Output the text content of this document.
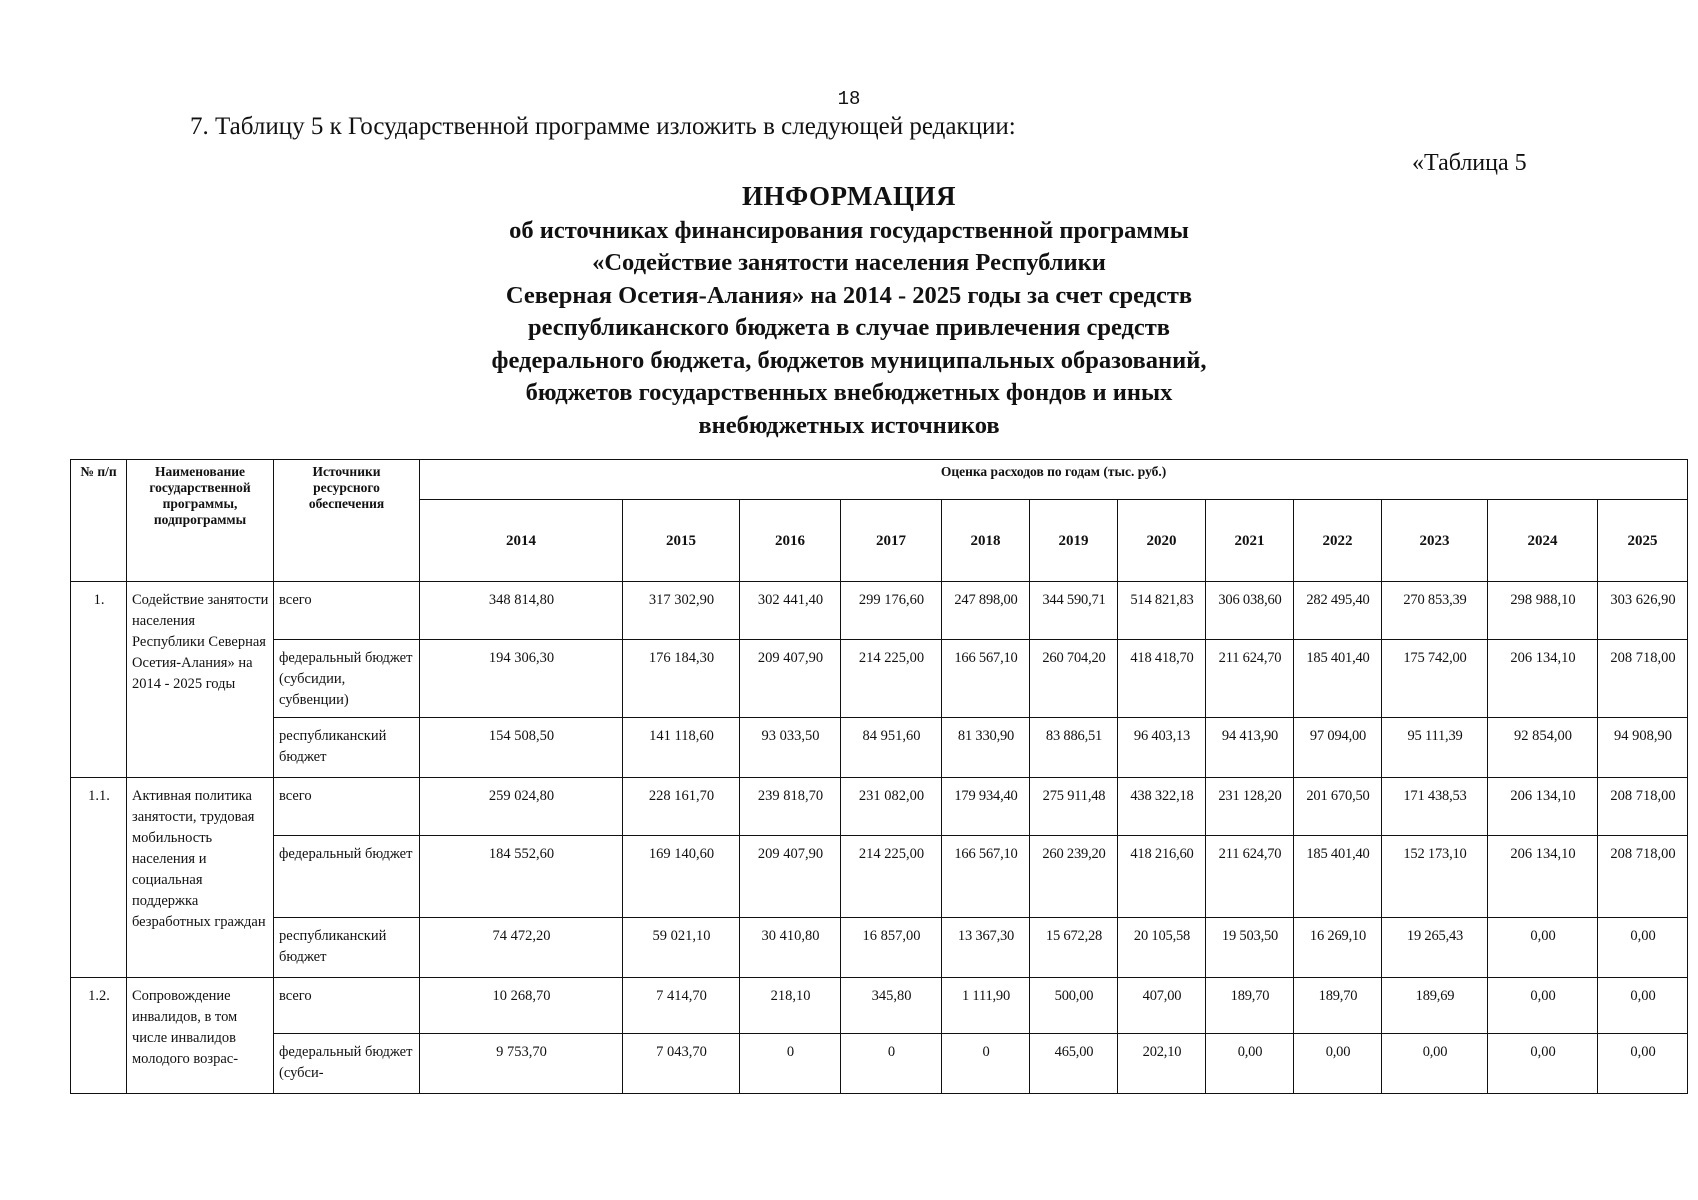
18
7. Таблицу 5 к Государственной программе изложить в следующей редакции:
«Таблица 5
ИНФОРМАЦИЯ
об источниках финансирования государственной программы
«Содействие занятости населения Республики
Северная Осетия-Алания» на 2014 - 2025 годы за счет средств
республиканского бюджета в случае привлечения средств
федерального бюджета, бюджетов муниципальных образований,
бюджетов государственных внебюджетных фондов и иных
внебюджетных источников
№ п/п	Наименование государственной программы, подпрограммы	Источники ресурсного обеспечения	Оценка расходов по годам (тыс. руб.)											
			2014	2015	2016	2017	2018	2019	2020	2021	2022	2023	2024	2025
1.	Содействие занятости населения Республики Северная Осетия-Алания» на 2014 - 2025 годы	всего	348 814,80	317 302,90	302 441,40	299 176,60	247 898,00	344 590,71	514 821,83	306 038,60	282 495,40	270 853,39	298 988,10	303 626,90
		федеральный бюджет (субсидии, субвенции)	194 306,30	176 184,30	209 407,90	214 225,00	166 567,10	260 704,20	418 418,70	211 624,70	185 401,40	175 742,00	206 134,10	208 718,00
		республиканский бюджет	154 508,50	141 118,60	93 033,50	84 951,60	81 330,90	83 886,51	96 403,13	94 413,90	97 094,00	95 111,39	92 854,00	94 908,90
1.1.	Активная политика занятости, трудовая мобильность населения и социальная поддержка безработных граждан	всего	259 024,80	228 161,70	239 818,70	231 082,00	179 934,40	275 911,48	438 322,18	231 128,20	201 670,50	171 438,53	206 134,10	208 718,00
		федеральный бюджет	184 552,60	169 140,60	209 407,90	214 225,00	166 567,10	260 239,20	418 216,60	211 624,70	185 401,40	152 173,10	206 134,10	208 718,00
		республиканский бюджет	74 472,20	59 021,10	30 410,80	16 857,00	13 367,30	15 672,28	20 105,58	19 503,50	16 269,10	19 265,43	0,00	0,00
1.2.	Сопровождение инвалидов, в том числе инвалидов молодого возрас-	всего	10 268,70	7 414,70	218,10	345,80	1 111,90	500,00	407,00	189,70	189,70	189,69	0,00	0,00
		федеральный бюджет (субси-	9 753,70	7 043,70	0	0	0	465,00	202,10	0,00	0,00	0,00	0,00	0,00
